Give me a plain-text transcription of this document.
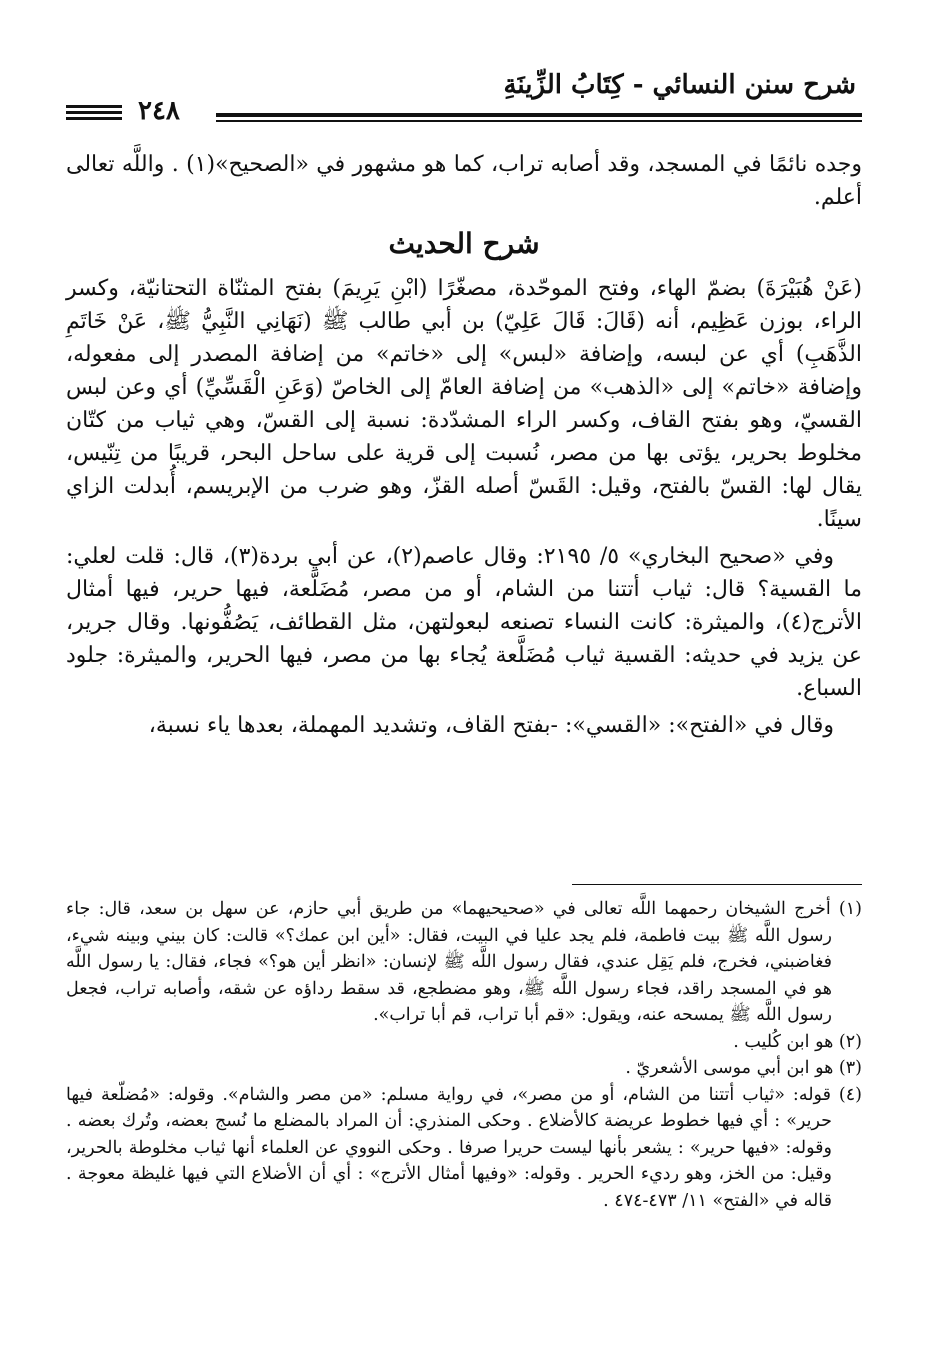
شرح سنن النسائي - كِتَابُ الزِّينَةِ
٢٤٨

وجده نائمًا في المسجد، وقد أصابه تراب، كما هو مشهور في «الصحيح»(١) . واللَّه تعالى أعلم.

شرح الحديث

(عَنْ هُبَيْرَةَ) بضمّ الهاء، وفتح الموحّدة، مصغّرًا (ابْنِ يَرِيمَ) بفتح المثنّاة التحتانيّة، وكسر الراء، بوزن عَظِيم، أنه (قَالَ: قَالَ عَلِيّ) بن أبي طالب ﷺ (نَهَانِي النَّبِيُّ ﷺ، عَنْ خَاتَمِ الذَّهَبِ) أي عن لبسه، وإضافة «لبس» إلى «خاتم» من إضافة المصدر إلى مفعوله، وإضافة «خاتم» إلى «الذهب» من إضافة العامّ إلى الخاصّ (وَعَنِ الْقَسِّيِّ) أي وعن لبس القسيّ، وهو بفتح القاف، وكسر الراء المشدّدة: نسبة إلى القسّ، وهي ثياب من كتّان مخلوط بحرير، يؤتى بها من مصر، نُسبت إلى قرية على ساحل البحر، قريبًا من تِنّيس، يقال لها: القسّ بالفتح، وقيل: القَسّ أصله القزّ، وهو ضرب من الإبريسم، أُبدلت الزاي سينًا.

وفي «صحيح البخاري» ٥/ ٢١٩٥: وقال عاصم(٢)، عن أبي بردة(٣)، قال: قلت لعلي: ما القسية؟ قال: ثياب أتتنا من الشام، أو من مصر، مُضَلَّعة، فيها حرير، فيها أمثال الأترج(٤)، والميثرة: كانت النساء تصنعه لبعولتهن، مثل القطائف، يَصُفُّونها. وقال جرير، عن يزيد في حديثه: القسية ثياب مُضَلَّعة يُجاء بها من مصر، فيها الحرير، والميثرة: جلود السباع.

وقال في «الفتح»: «القسي»: -بفتح القاف، وتشديد المهملة، بعدها ياء نسبة،

(١) أخرج الشيخان رحمهما اللَّه تعالى في «صحيحيهما» من طريق أبي حازم، عن سهل بن سعد، قال: جاء رسول اللَّه ﷺ بيت فاطمة، فلم يجد عليا في البيت، فقال: «أين ابن عمك؟» قالت: كان بيني وبينه شيء، فغاضبني، فخرج، فلم يَقِل عندي، فقال رسول اللَّه ﷺ لإنسان: «انظر أين هو؟» فجاء، فقال: يا رسول اللَّه هو في المسجد راقد، فجاء رسول اللَّه ﷺ، وهو مضطجع، قد سقط رداؤه عن شقه، وأصابه تراب، فجعل رسول اللَّه ﷺ يمسحه عنه، ويقول: «قم أبا تراب، قم أبا تراب».

(٢) هو ابن كُليب .

(٣) هو ابن أبي موسى الأشعريّ .

(٤) قوله: «ثياب أتتنا من الشام، أو من مصر»، في رواية مسلم: «من مصر والشام». وقوله: «مُضلّعة فيها حرير» : أي فيها خطوط عريضة كالأضلاع . وحكى المنذري: أن المراد بالمضلع ما نُسج بعضه، وتُرك بعضه . وقوله: «فيها حرير» : يشعر بأنها ليست حريرا صرفا . وحكى النووي عن العلماء أنها ثياب مخلوطة بالحرير، وقيل: من الخز، وهو رديء الحرير . وقوله: «وفيها أمثال الأترج» : أي أن الأضلاع التي فيها غليظة معوجة . قاله في «الفتح» ١١/ ٤٧٣-٤٧٤ .
